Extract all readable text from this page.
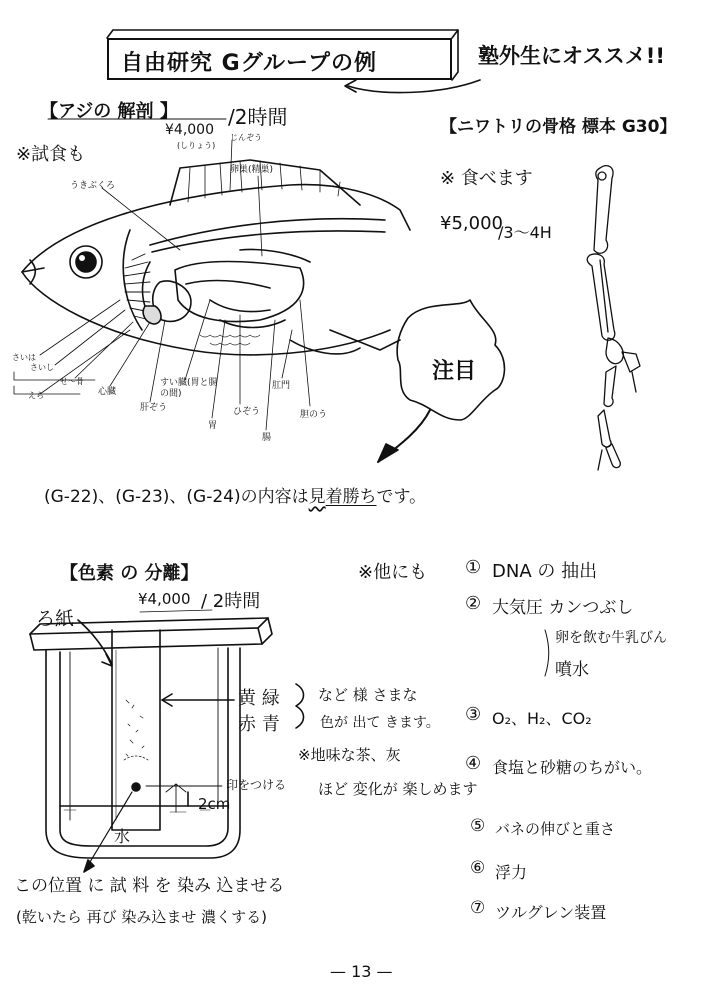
自由研究 Gグループの例	塾外生にオススメ!!
【アジの 解剖 】
¥4,000
/2時間
(しりょう)
※試食も
うきぶくろ
卵巣(精巣)
さいは
さいし
せ～骨
えら	心臓
肝ぞう
すい臓(胃と腸の間)
ひぞう
胃
腸
肛門
胆のう
じんぞう
【ニワトリの骨格 標本 G30】
※ 食べます
¥5,000
/3～4H
注目
(G-22)、(G-23)、(G-24)の内容は見着勝ちです。
【色素 の 分離】
¥4,000 / 2時間
ろ紙
黄 緑
赤 青
など 様 さまな
色が 出て きます。
※地味な茶、灰
ほど 変化が 楽しめます
印をつける
2cm
水
この位置 に 試 料 を 染み 込ませる
(乾いたら 再び 染み込ませ 濃くする)
※他にも ① DNA の 抽出
② 大気圧 カンつぶし
卵を飲む牛乳びん
噴水
③ O₂、H₂、CO₂
④ 食塩と砂糖のちがい。
⑤ バネの伸びと重さ
⑥ 浮力
⑦ ツルグレン装置
— 13 —
